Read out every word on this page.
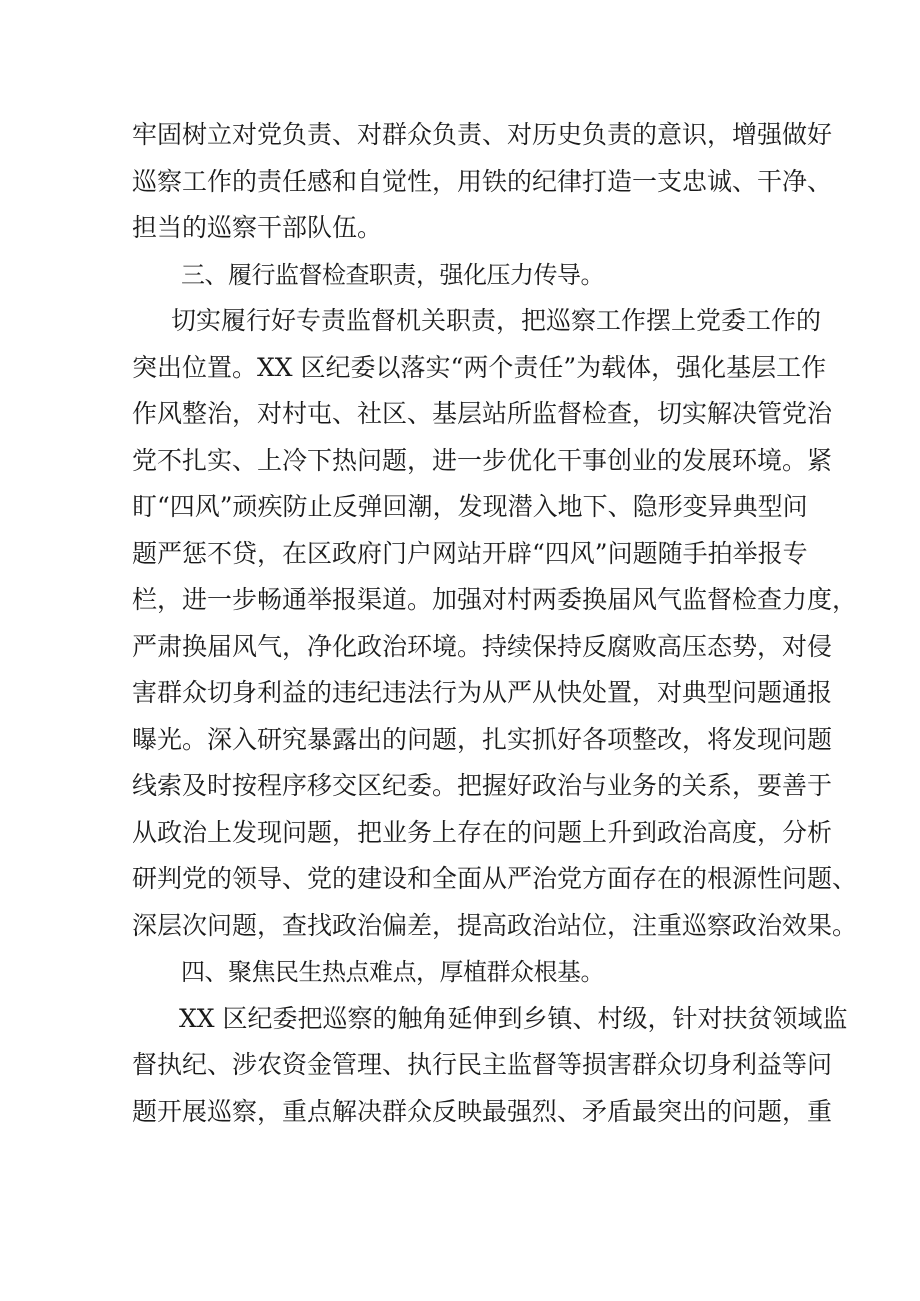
牢固树立对党负责、对群众负责、对历史负责的意识，增强做好
巡察工作的责任感和自觉性，用铁的纪律打造一支忠诚、干净、
担当的巡察干部队伍。
三、履行监督检查职责，强化压力传导。
切实履行好专责监督机关职责，把巡察工作摆上党委工作的
突出位置。XX 区纪委以落实“两个责任”为载体，强化基层工作
作风整治，对村屯、社区、基层站所监督检查，切实解决管党治
党不扎实、上冷下热问题，进一步优化干事创业的发展环境。紧
盯“四风”顽疾防止反弹回潮，发现潜入地下、隐形变异典型问
题严惩不贷，在区政府门户网站开辟“四风”问题随手拍举报专
栏，进一步畅通举报渠道。加强对村两委换届风气监督检查力度，
严肃换届风气，净化政治环境。持续保持反腐败高压态势，对侵
害群众切身利益的违纪违法行为从严从快处置，对典型问题通报
曝光。深入研究暴露出的问题，扎实抓好各项整改，将发现问题
线索及时按程序移交区纪委。把握好政治与业务的关系，要善于
从政治上发现问题，把业务上存在的问题上升到政治高度，分析
研判党的领导、党的建设和全面从严治党方面存在的根源性问题、
深层次问题，查找政治偏差，提高政治站位，注重巡察政治效果。
四、聚焦民生热点难点，厚植群众根基。
XX 区纪委把巡察的触角延伸到乡镇、村级，针对扶贫领域监
督执纪、涉农资金管理、执行民主监督等损害群众切身利益等问
题开展巡察，重点解决群众反映最强烈、矛盾最突出的问题，重
